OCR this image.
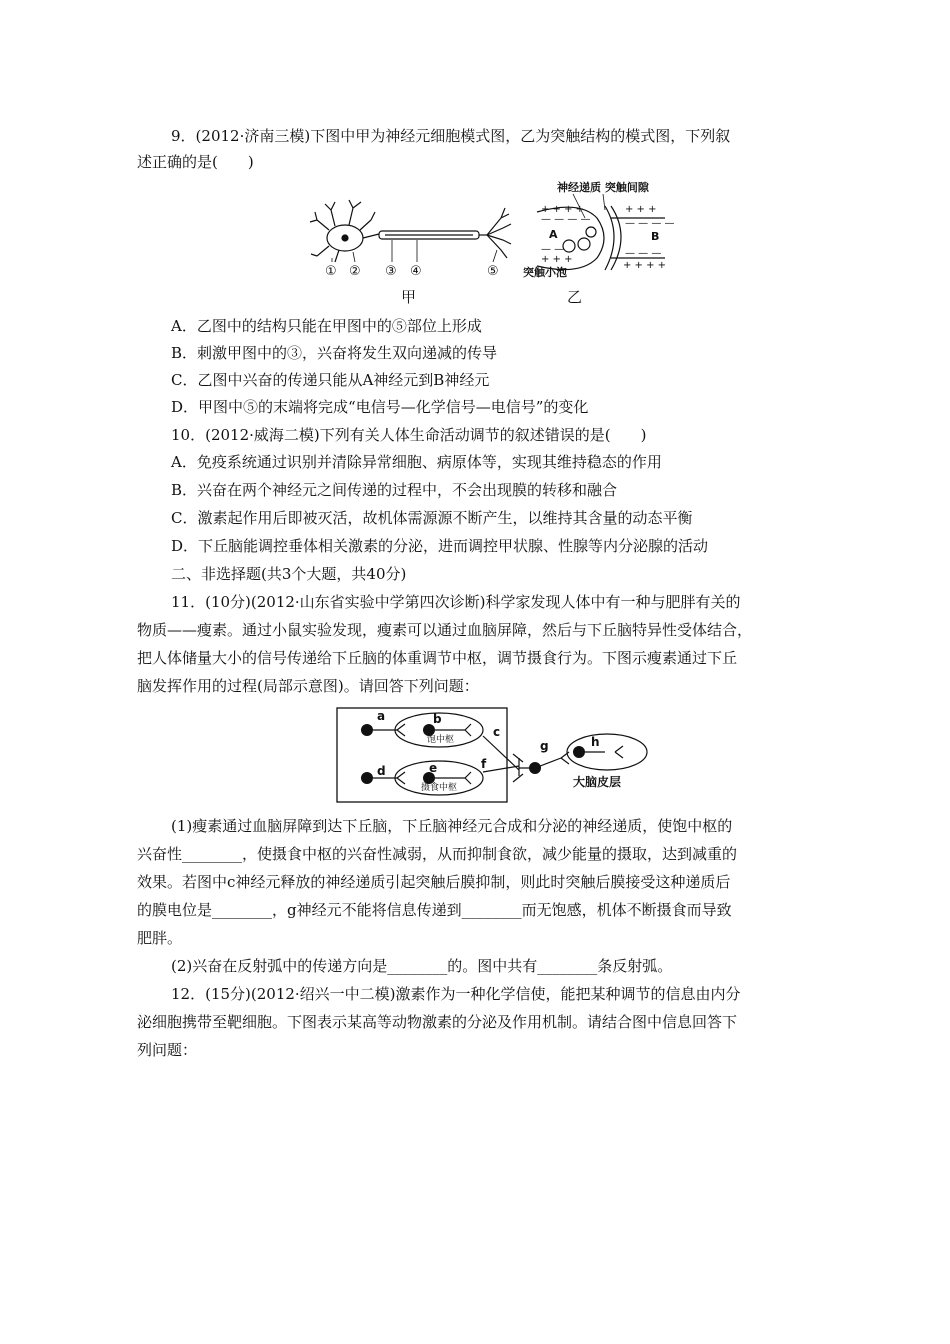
9．(2012·济南三模)下图中甲为神经元细胞模式图，乙为突触结构的模式图，下列叙
述正确的是(　　)
① ② ③ ④	⑤
+ + + +
— — — —
+ + +
— — — —
— —
+ + +
— — —
+ + + +
神经递质 突触间隙
A	B
突触小泡
甲	乙
A．乙图中的结构只能在甲图中的⑤部位上形成
B．刺激甲图中的③，兴奋将发生双向递减的传导
C．乙图中兴奋的传递只能从A神经元到B神经元
D．甲图中⑤的末端将完成“电信号—化学信号—电信号”的变化
10．(2012·威海二模)下列有关人体生命活动调节的叙述错误的是(　　)
A．免疫系统通过识别并清除异常细胞、病原体等，实现其维持稳态的作用
B．兴奋在两个神经元之间传递的过程中，不会出现膜的转移和融合
C．激素起作用后即被灭活，故机体需源源不断产生，以维持其含量的动态平衡
D．下丘脑能调控垂体相关激素的分泌，进而调控甲状腺、性腺等内分泌腺的活动
二、非选择题(共3个大题，共40分)
11．(10分)(2012·山东省实验中学第四次诊断)科学家发现人体中有一种与肥胖有关的
物质——瘦素。通过小鼠实验发现，瘦素可以通过血脑屏障，然后与下丘脑特异性受体结合，
把人体储量大小的信号传递给下丘脑的体重调节中枢，调节摄食行为。下图示瘦素通过下丘
脑发挥作用的过程(局部示意图)。请回答下列问题：
a	b
c
d	e	f
g	h
饱中枢
摄食中枢	大脑皮层
(1)瘦素通过血脑屏障到达下丘脑，下丘脑神经元合成和分泌的神经递质，使饱中枢的
兴奋性________，使摄食中枢的兴奋性减弱，从而抑制食欲，减少能量的摄取，达到减重的
效果。若图中c神经元释放的神经递质引起突触后膜抑制，则此时突触后膜接受这种递质后
的膜电位是________，g神经元不能将信息传递到________而无饱感，机体不断摄食而导致
肥胖。
(2)兴奋在反射弧中的传递方向是________的。图中共有________条反射弧。
12．(15分)(2012·绍兴一中二模)激素作为一种化学信使，能把某种调节的信息由内分
泌细胞携带至靶细胞。下图表示某高等动物激素的分泌及作用机制。请结合图中信息回答下
列问题：
